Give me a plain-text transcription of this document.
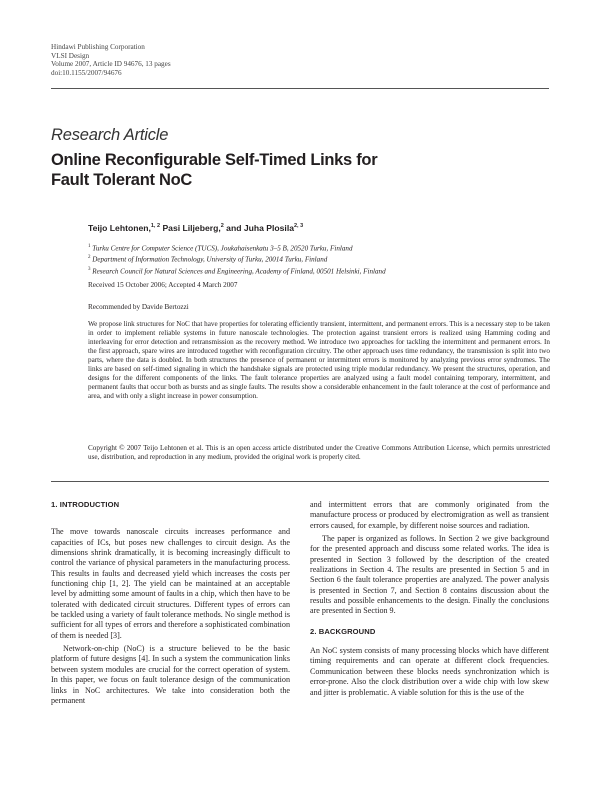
Hindawi Publishing Corporation
VLSI Design
Volume 2007, Article ID 94676, 13 pages
doi:10.1155/2007/94676
Research Article
Online Reconfigurable Self-Timed Links for
Fault Tolerant NoC
Teijo Lehtonen,$^{1, 2}$ Pasi Liljeberg,$^2$ and Juha Plosila$^{2, 3}$
$^1$ Turku Centre for Computer Science (TUCS), Joukahaisenkatu 3–5 B, 20520 Turku, Finland
$^2$ Department of Information Technology, University of Turku, 20014 Turku, Finland
$^3$ Research Council for Natural Sciences and Engineering, Academy of Finland, 00501 Helsinki, Finland
Received 15 October 2006; Accepted 4 March 2007
Recommended by Davide Bertozzi
We propose link structures for NoC that have properties for tolerating efficiently transient, intermittent, and permanent errors. This is a necessary step to be taken in order to implement reliable systems in future nanoscale technologies. The protection against transient errors is realized using Hamming coding and interleaving for error detection and retransmission as the recovery method. We introduce two approaches for tackling the intermittent and permanent errors. In the first approach, spare wires are introduced together with reconfiguration circuitry. The other approach uses time redundancy, the transmission is split into two parts, where the data is doubled. In both structures the presence of permanent or intermittent errors is monitored by analyzing previous error syndromes. The links are based on self-timed signaling in which the handshake signals are protected using triple modular redundancy. We present the structures, operation, and designs for the different components of the links. The fault tolerance properties are analyzed using a fault model containing temporary, intermittent, and permanent faults that occur both as bursts and as single faults. The results show a considerable enhancement in the fault tolerance at the cost of performance and area, and with only a slight increase in power consumption.
Copyright © 2007 Teijo Lehtonen et al. This is an open access article distributed under the Creative Commons Attribution License, which permits unrestricted use, distribution, and reproduction in any medium, provided the original work is properly cited.
1. INTRODUCTION

The move towards nanoscale circuits increases performance and capacities of ICs, but poses new challenges to circuit design. As the dimensions shrink dramatically, it is becoming increasingly difficult to control the variance of physical parameters in the manufacturing process. This results in faults and decreased yield which increases the costs per functioning chip [1, 2]. The yield can be maintained at an acceptable level by admitting some amount of faults in a chip, which then have to be tolerated with dedicated circuit structures. Different types of errors can be tackled using a variety of fault tolerance methods. No single method is sufficient for all types of errors and therefore a sophisticated combination of them is needed [3].

Network-on-chip (NoC) is a structure believed to be the basic platform of future designs [4]. In such a system the communication links between system modules are crucial for the correct operation of system. In this paper, we focus on fault tolerance design of the communication links in NoC architectures. We take into consideration both the permanent

and intermittent errors that are commonly originated from the manufacture process or produced by electromigration as well as transient errors caused, for example, by different noise sources and radiation.

The paper is organized as follows. In Section 2 we give background for the presented approach and discuss some related works. The idea is presented in Section 3 followed by the description of the created realizations in Section 4. The results are presented in Section 5 and in Section 6 the fault tolerance properties are analyzed. The power analysis is presented in Section 7, and Section 8 contains discussion about the results and possible enhancements to the design. Finally the conclusions are presented in Section 9.

2. BACKGROUND

An NoC system consists of many processing blocks which have different timing requirements and can operate at different clock frequencies. Communication between these blocks needs synchronization which is error-prone. Also the clock distribution over a wide chip with low skew and jitter is problematic. A viable solution for this is the use of the
